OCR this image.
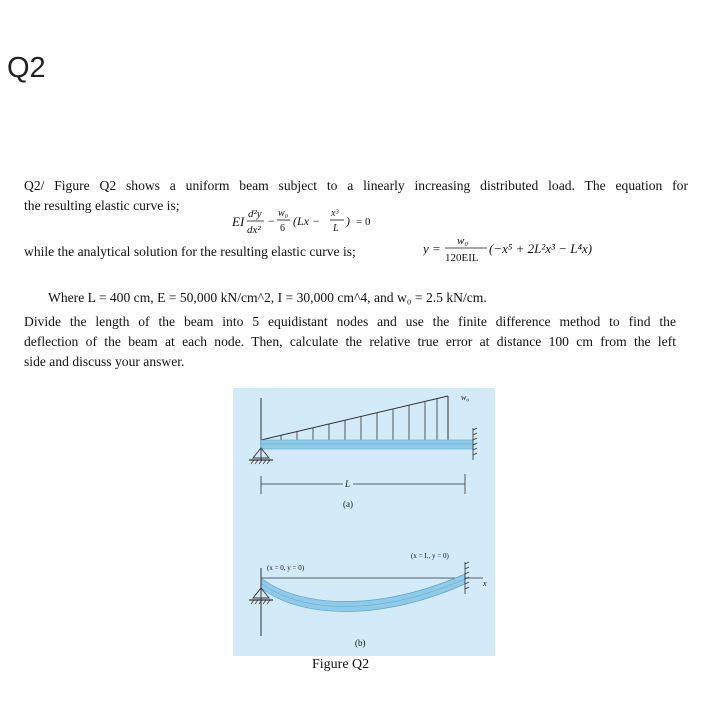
Q2
Q2/ Figure Q2 shows a uniform beam subject to a linearly increasing distributed load. The equation for
the resulting elastic curve is;
EI d²y
dx²
−
w₀
6
(Lx −
x³
L
) = 0
while the analytical solution for the resulting elastic curve is;	y = w₀
120EIL
(−x⁵ + 2L²x³ − L⁴x)
Where L = 400 cm, E = 50,000 kN/cm^2, I = 30,000 cm^4, and w₀ = 2.5 kN/cm.
Divide the length of the beam into 5 equidistant nodes and use the finite difference method to find the
deflection of the beam at each node. Then, calculate the relative true error at distance 100 cm from the left
side and discuss your answer.
w₀
L
(a)
(x = 0, y = 0)
(x = L, y = 0)
x
(b)
Figure Q2
